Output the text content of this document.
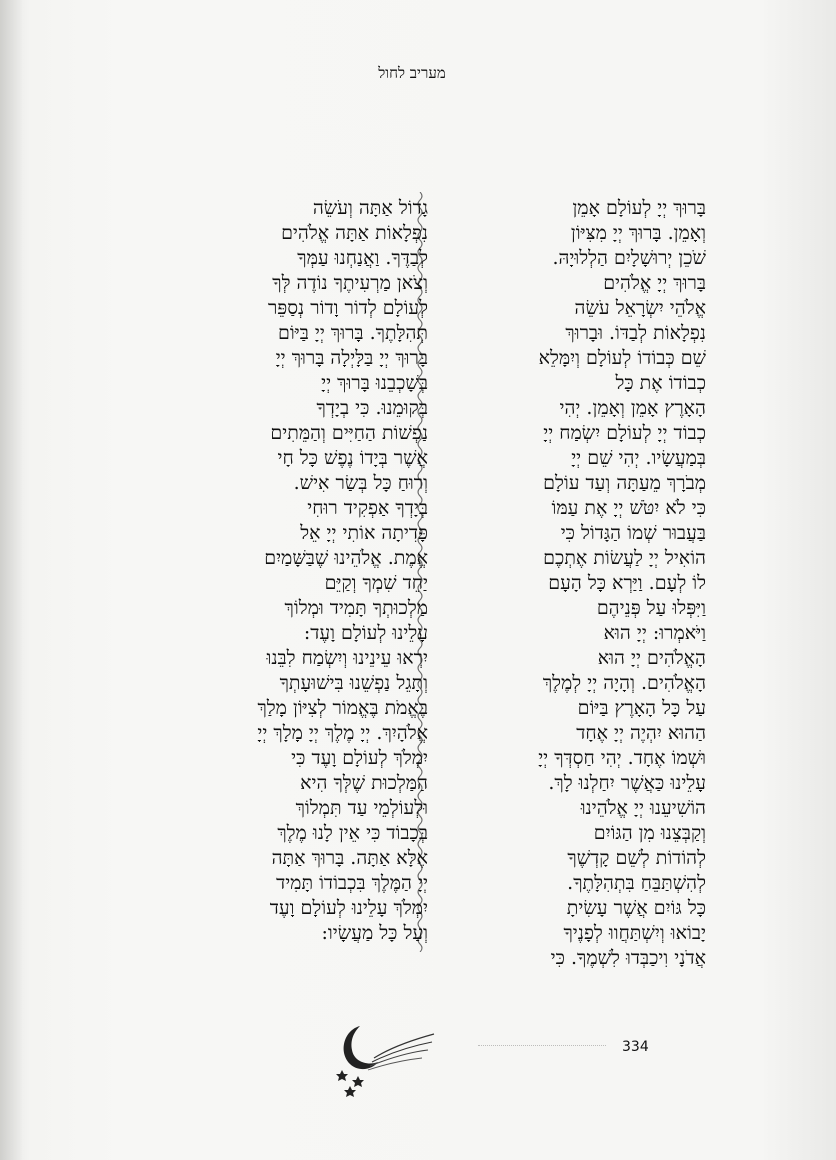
מעריב לחול
בָּרוּךְ יְיָ לְעוֹלָם אָמֵן
וְאָמֵן. בָּרוּךְ יְיָ מִצִּיּוֹן
שֹׁכֵן יְרוּשָׁלָיִם הַלְלוּיָהּ.
בָּרוּךְ יְיָ אֱלֹהִים
אֱלֹהֵי יִשְׂרָאֵל עֹשֵׂה
נִפְלָאוֹת לְבַדּוֹ. וּבָרוּךְ
שֵׁם כְּבוֹדוֹ לְעוֹלָם וְיִמָּלֵא
כְבוֹדוֹ אֶת כָּל
הָאָרֶץ אָמֵן וְאָמֵן. יְהִי
כְבוֹד יְיָ לְעוֹלָם יִשְׂמַח יְיָ
בְּמַעֲשָׂיו. יְהִי שֵׁם יְיָ
מְבֹרָךְ מֵעַתָּה וְעַד עוֹלָם
כִּי לֹא יִטֹּשׁ יְיָ אֶת עַמּוֹ
בַּעֲבוּר שְׁמוֹ הַגָּדוֹל כִּי
הוֹאִיל יְיָ לַעֲשׂוֹת אֶתְכֶם
לוֹ לְעָם. וַיַּרְא כָּל הָעָם
וַיִּפְּלוּ עַל פְּנֵיהֶם
וַיֹּאמְרוּ: יְיָ הוּא
הָאֱלֹהִים יְיָ הוּא
הָאֱלֹהִים. וְהָיָה יְיָ לְמֶלֶךְ
עַל כָּל הָאָרֶץ בַּיּוֹם
הַהוּא יִהְיֶה יְיָ אֶחָד
וּשְׁמוֹ אֶחָד. יְהִי חַסְדְּךָ יְיָ
עָלֵינוּ כַּאֲשֶׁר יִחַלְנוּ לָךְ.
הוֹשִׁיעֵנוּ יְיָ אֱלֹהֵינוּ
וְקַבְּצֵנוּ מִן הַגּוֹיִם
לְהוֹדוֹת לְשֵׁם קָדְשֶׁךָ
לְהִשְׁתַּבֵּחַ בִּתְהִלָּתֶךָ.
כָּל גּוֹיִם אֲשֶׁר עָשִׂיתָ
יָבוֹאוּ וְיִשְׁתַּחֲווּ לְפָנֶיךָ
אֲדֹנָי וִיכַבְּדוּ לִשְׁמֶךָ. כִּי
גָדוֹל אַתָּה וְעֹשֵׂה
נִפְלָאוֹת אַתָּה אֱלֹהִים
לְבַדֶּךָ. וַאֲנַחְנוּ עַמְּךָ
וְצֹאן מַרְעִיתֶךָ נוֹדֶה לְּךָ
לְעוֹלָם לְדוֹר וָדוֹר נְסַפֵּר
תְּהִלָּתֶךָ. בָּרוּךְ יְיָ בַּיּוֹם
בָּרוּךְ יְיָ בַּלָּיְלָה בָּרוּךְ יְיָ
בְּשָׁכְבֵנוּ בָּרוּךְ יְיָ
בְּקוּמֵנוּ. כִּי בְיָדְךָ
נַפְשׁוֹת הַחַיִּים וְהַמֵּתִים
אֲשֶׁר בְּיָדוֹ נֶפֶשׁ כָּל חָי
וְרוּחַ כָּל בְּשַׂר אִישׁ.
בְּיָדְךָ אַפְקִיד רוּחִי
פָּדִיתָה אוֹתִי יְיָ אֵל
אֱמֶת. אֱלֹהֵינוּ שֶׁבַּשָּׁמַיִם
יַחֵד שִׁמְךָ וְקַיֵּם
מַלְכוּתְךָ תָּמִיד וּמְלוֹךְ
עָלֵינוּ לְעוֹלָם וָעֶד:
יִרְאוּ עֵינֵינוּ וְיִשְׂמַח לִבֵּנוּ
וְתָגֵל נַפְשֵׁנוּ בִּישׁוּעָתְךָ
בֶּאֱמֹת בֶּאֱמוֹר לְצִיּוֹן מָלַךְ
אֱלֹהָיִךְ. יְיָ מֶלֶךְ יְיָ מָלָךְ יְיָ
יִמְלֹךְ לְעוֹלָם וָעֶד כִּי
הַמַּלְכוּת שֶׁלְּךָ הִיא
וּלְעוֹלְמֵי עַד תִּמְלוֹךְ
בְּכָבוֹד כִּי אֵין לָנוּ מֶלֶךְ
אֶלָּא אַתָּה. בָּרוּךְ אַתָּה
יְיָ הַמֶּלֶךְ בִּכְבוֹדוֹ תָּמִיד
יִמְלֹךְ עָלֵינוּ לְעוֹלָם וָעֶד
וְעַל כָּל מַעֲשָׂיו:
334
